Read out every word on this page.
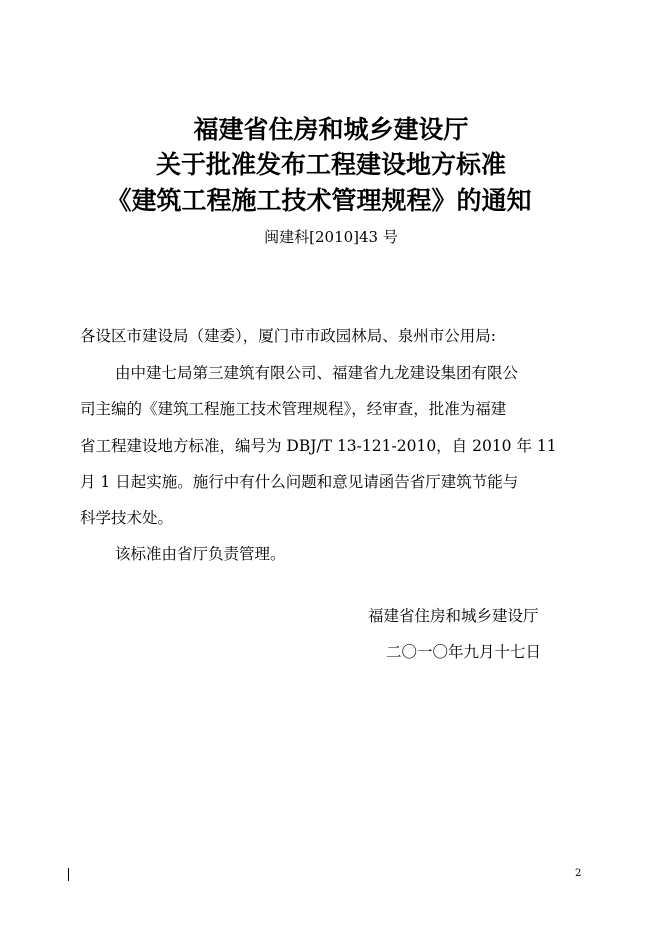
福建省住房和城乡建设厅
关于批准发布工程建设地方标准
《建筑工程施工技术管理规程》的通知
闽建科[2010]43 号
各设区市建设局（建委），厦门市市政园林局、泉州市公用局:
由中建七局第三建筑有限公司、福建省九龙建设集团有限公
司主编的《建筑工程施工技术管理规程》，经审查，批准为福建
省工程建设地方标准，编号为 DBJ/T 13-121-2010，自 2010 年 11
月 1 日起实施。施行中有什么问题和意见请函告省厅建筑节能与
科学技术处。
该标准由省厅负责管理。
福建省住房和城乡建设厅
二〇一〇年九月十七日
2
